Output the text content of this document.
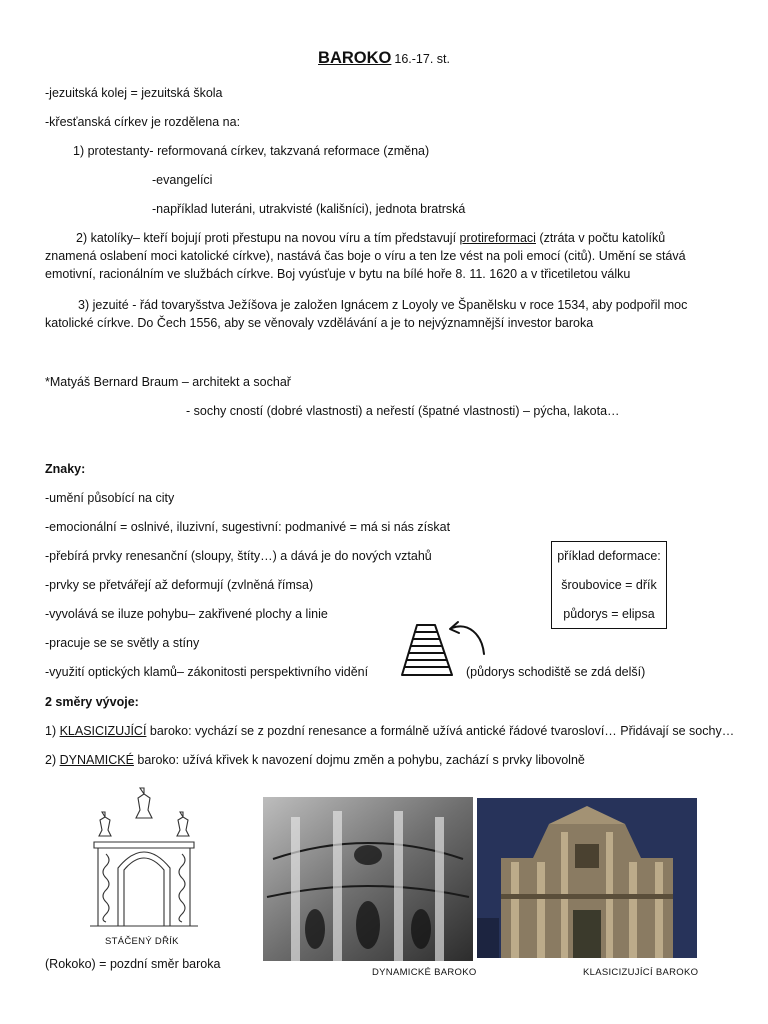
BAROKO 16.-17. st.
-jezuitská kolej = jezuitská škola
-křesťanská církev je rozdělena na:
1) protestanty- reformovaná církev, takzvaná reformace (změna)
-evangelíci
-například luteráni, utrakvisté (kališníci), jednota bratrská
2) katolíky– kteří bojují proti přestupu na novou víru a tím představují protireformaci (ztráta v počtu katolíků znamená oslabení moci katolické církve), nastává čas boje o víru a ten lze vést na poli emocí (citů). Umění se stává emotivní, racionálním ve službách církve. Boj vyúsťuje v bytu na bílé hoře 8. 11. 1620 a v třicetiletou válku
3) jezuité - řád tovaryšstva Ježíšova je založen Ignácem z Loyoly ve Španělsku v roce 1534, aby podpořil moc katolické církve. Do Čech 1556, aby se věnovaly vzdělávání a je to nejvýznamnější investor baroka
*Matyáš Bernard Braum – architekt a sochař
- sochy cností (dobré vlastnosti) a neřestí (špatné vlastnosti) – pýcha, lakota…
Znaky:
-umění působící na city
-emocionální = oslnivé, iluzivní, sugestivní: podmanivé = má si nás získat
-přebírá prvky renesanční (sloupy, štíty…) a dává je do nových vztahů
-prvky se přetvářejí až deformují (zvlněná římsa)
-vyvolává se iluze pohybu– zakřivené plochy a linie
-pracuje se se světly a stíny
-využití optických klamů– zákonitosti perspektivního vidění	(půdorys schodiště se zdá delší)
příklad deformace:
šroubovice = dřík
půdorys = elipsa
2 směry vývoje:
1) KLASICIZUJÍCÍ baroko: vychází se z pozdní renesance a formálně užívá antické řádové tvarosloví… Přidávají se sochy…
2) DYNAMICKÉ baroko: užívá křivek k navození dojmu změn a pohybu, zachází s prvky libovolně
STÁČENÝ DŘÍK
(Rokoko) = pozdní směr baroka
DYNAMICKÉ BAROKO	KLASICIZUJÍCÍ BAROKO
